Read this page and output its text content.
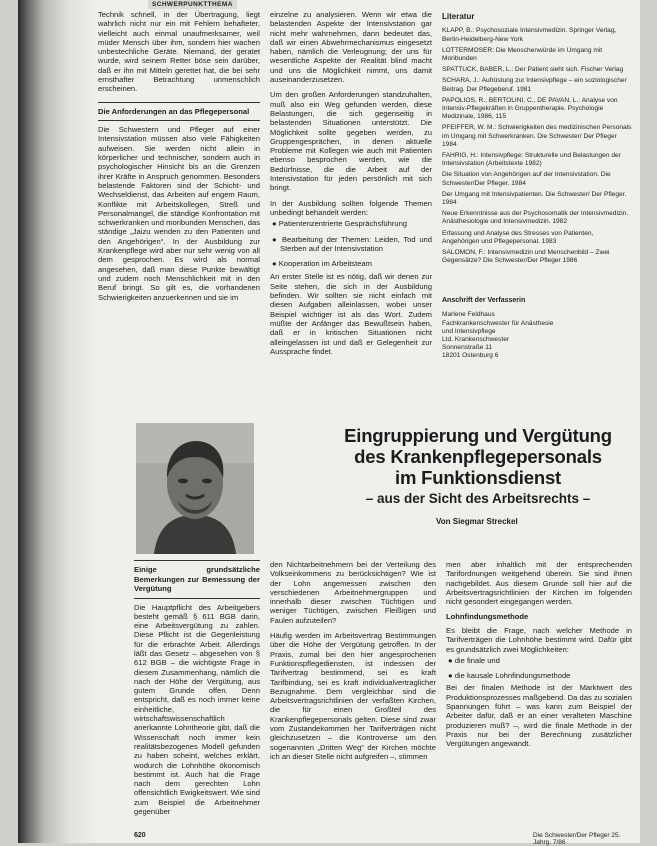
SCHWERPUNKTTHEMA

Technik schnell, in der Übertragung, liegt wahrlich nicht nur ein mit Fehlern behafteter, vielleicht auch einmal unaufmerksamer, weil müder Mensch über ihm, sondern hier wachen unbestechliche Geräte. Niemand, der geratet wurde, wird seinem Retter böse sein darüber, daß er ihn mit Mitteln gerettet hat, die bei sehr ernsthafter Betrachtung unmenschlich erscheinen.

Die Anforderungen an das Pflegepersonal

Die Schwestern und Pfleger auf einer Intensivstation müssen also viele Fähigkeiten aufweisen. Sie werden nicht allein in körperlicher und technischer, sondern auch in psychologischer Hinsicht bis an die Grenzen ihrer Kräfte in Anspruch genommen. Besonders belastende Faktoren sind der Schicht- und Wechseldienst, das Arbeiten auf engem Raum, Konflikte mit Arbeitskollegen, Streß und Personalmangel, die ständige Konfrontation mit schwerkranken und moribunden Menschen, das ständige „Jaizu wenden zu den Patienten und den Angehörigen“. In der Ausbildung zur Krankenpflege wird aber nur sehr wenig von all dem gesprochen. Es wird als normal angesehen, daß man diese Punkte bewältigt und zudem noch Menschlichkeit mit in den Beruf bringt. So gilt es, die vorhandenen Schwierigkeiten anzuerkennen und sie im

einzelne zu analysieren. Wenn wir etwa die belastenden Aspekte der Intensivstation gar nicht mehr wahrnehmen, dann bedeutet das, daß wir einen Abwehrmechanismus eingesetzt haben, nämlich die Verleugnung; der uns für wesentliche Aspekte der Realität blind macht und uns die Möglichkeit nimmt, uns damit auseinanderzusetzen.

Um den großen Anforderungen standzuhalten, muß also ein Weg gefunden werden, diese Belastungen, die sich gegenseitig in belastenden Situationen unterstützt. Die Möglichkeit sollte gegeben werden, zu Gruppengesprächen, in denen aktuelle Probleme mit Kollegen wie auch mit Patienten ebenso besprochen werden, wie die Bedürfnisse, die die Arbeit auf der Intensivstation für jeden persönlich mit sich bringt.

In der Ausbildung sollten folgende Themen unbedingt behandelt werden:

● Patientenzentrierte Gesprächsführung

● Bearbeitung der Themen: Leiden, Tod und Sterben auf der Intensivstation

● Kooperation im Arbeitsteam

An erster Stelle ist es nötig, daß wir denen zur Seite stehen, die sich in der Ausbildung befinden. Wir sollten sie nicht einfach mit diesen Aufgaben alleinlassen, wobei unser Beispiel wichtiger ist als das Wort. Zudem müßte der Anfänger das Bewußtsein haben, daß er in kritischen Situationen nicht alleingelassen ist und daß er Gelegenheit zur Aussprache findet.

Literatur

KLAPP, B.: Psychosoziale Intensivmedizin. Springer Verlag, Berlin-Heidelberg-New York

LOTTERMOSER: Die Menschenwürde im Umgang mit Moribunden

SPATTUCK, BABER, L.: Der Patient sieht sich. Fischer Verlag

SCHARA, J.: Aufrüstung zur Intensivpflege – ein soziologischer Beitrag. Der Pflegeberuf. 1981

PAPOLIOS, R., BERTOLINI, C., DE PAVAN, L.: Analyse von Intensiv-Pflegekräften in Gruppentherapie. Psychologie Medizinale, 1986, 115

PFEIFFER, W. M.: Schwierigkeiten des medizinischen Personals im Umgang mit Schwerkranken. Die Schwester/ Der Pfleger 1984

FAHRIG, H.: Intensivpflege: Strukturelle und Belastungen der Intensivstation (Arbeitstexte 1982)

Die Situation von Angehörigen auf der Intensivstation. Die Schwester/Der Pfleger. 1984

Der Umgang mit Intensivpatienten. Die Schwester/ Der Pfleger. 1984

Neue Erkenntnisse aus der Psychosomatik der Intensivmedizin. Anästhesiologie und Intensivmedizin. 1982

Erfassung und Analyse des Stresses von Patienten, Angehörigen und Pflegepersonal. 1983

SALOMON, F.: Intensivmedizin und Menschenbild – Zwei Gegensätze? Die Schwester/Der Pfleger 1986

Anschrift der Verfasserin

Marlene Feldhaus

Fachkrankenschwester für Anästhesie

und Intensivpflege

Ltd. Krankenschwester

Sonnenstraße 11

18201 Ostenburg 6

Eingruppierung und Vergütung
des Krankenpflegepersonals
im Funktionsdienst
– aus der Sicht des Arbeitsrechts –
Von Siegmar Streckel
Einige grundsätzliche Bemerkungen zur Bemessung der Vergütung

Die Hauptpflicht des Arbeitgebers besteht gemäß § 611 BGB darin, eine Arbeitsvergütung zu zahlen. Diese Pflicht ist die Gegenleistung für die erbrachte Arbeit. Allerdings läßt das Gesetz – abgesehen von § 612 BGB – die wichtigste Frage in diesem Zusammenhang, nämlich die nach der Höhe der Vergütung, aus gutem Grunde offen. Denn entspricht, daß es noch immer keine einheitliche, wirtschaftswissenschaftlich anerkannte Lohntheorie gibt, daß die Wissenschaft noch immer kein realitätsbezogenes Modell gefunden zu haben scheint, welches erklärt, wodurch die Lohnhöhe ökonomisch bestimmt ist. Auch hat die Frage nach dem gerechten Lohn offensichtlich Ewigkeitswert. Wie sind zum Beispiel die Arbeitnehmer gegenüber

den Nichtarbeitnehmern bei der Verteilung des Volkseinkommens zu berücksichtigen? Wie ist der Lohn angemessen zwischen den verschiedenen Arbeitnehmergruppen und innerhalb dieser zwischen Tüchtigen und weniger Tüchtigen, zwischen Fleißigen und Faulen aufzuteilen?

Häufig werden im Arbeitsvertrag Bestimmungen über die Höhe der Vergütung getroffen. In der Praxis, zumal bei den hier angesprochenen Funktionspflegediensten, ist indessen der Tarifvertrag bestimmend, sei es kraft Tarifbindung, sei es kraft individualvertraglicher Bezugnahme. Dem vergleichbar sind die Arbeitsvertragsrichtlinien der verfaßten Kirchen, die für einen Großteil des Krankenpflegepersonals gelten. Diese sind zwar vom Zustandekommen her Tarifverträgen nicht gleichzusetzen – die Kontroverse um den sogenannten „Dritten Weg“ der Kirchen möchte ich an dieser Stelle nicht aufgreifen –, stimmen

men aber inhaltlich mit der entsprechenden Tarifordnungen weitgehend überein. Sie sind ihnen nachgebildet. Aus diesem Grunde soll hier auf die Arbeitsvertragsrichtlinien der Kirchen im folgenden nicht gesondert eingegangen werden.

Lohnfindungsmethode

Es bleibt die Frage, nach welcher Methode in Tarifverträgen die Lohnhöhe bestimmt wird. Dafür gibt es grundsätzlich zwei Möglichkeiten:

● die finale und

● die kausale Lohnfindungsmethode

Bei der finalen Methode ist der Marktwert des Produktionsprozesses maßgebend. Da das zu sozialen Spannungen führt – was kann zum Beispiel der Arbeiter dafür, daß er an einer veralteten Maschine produzieren muß? –, wird die finale Methode in der Praxis nur bei der Berechnung zusätzlicher Vergütungen angewandt.

620	Die Schwester/Der Pfleger 25. Jahrg. 7/86
